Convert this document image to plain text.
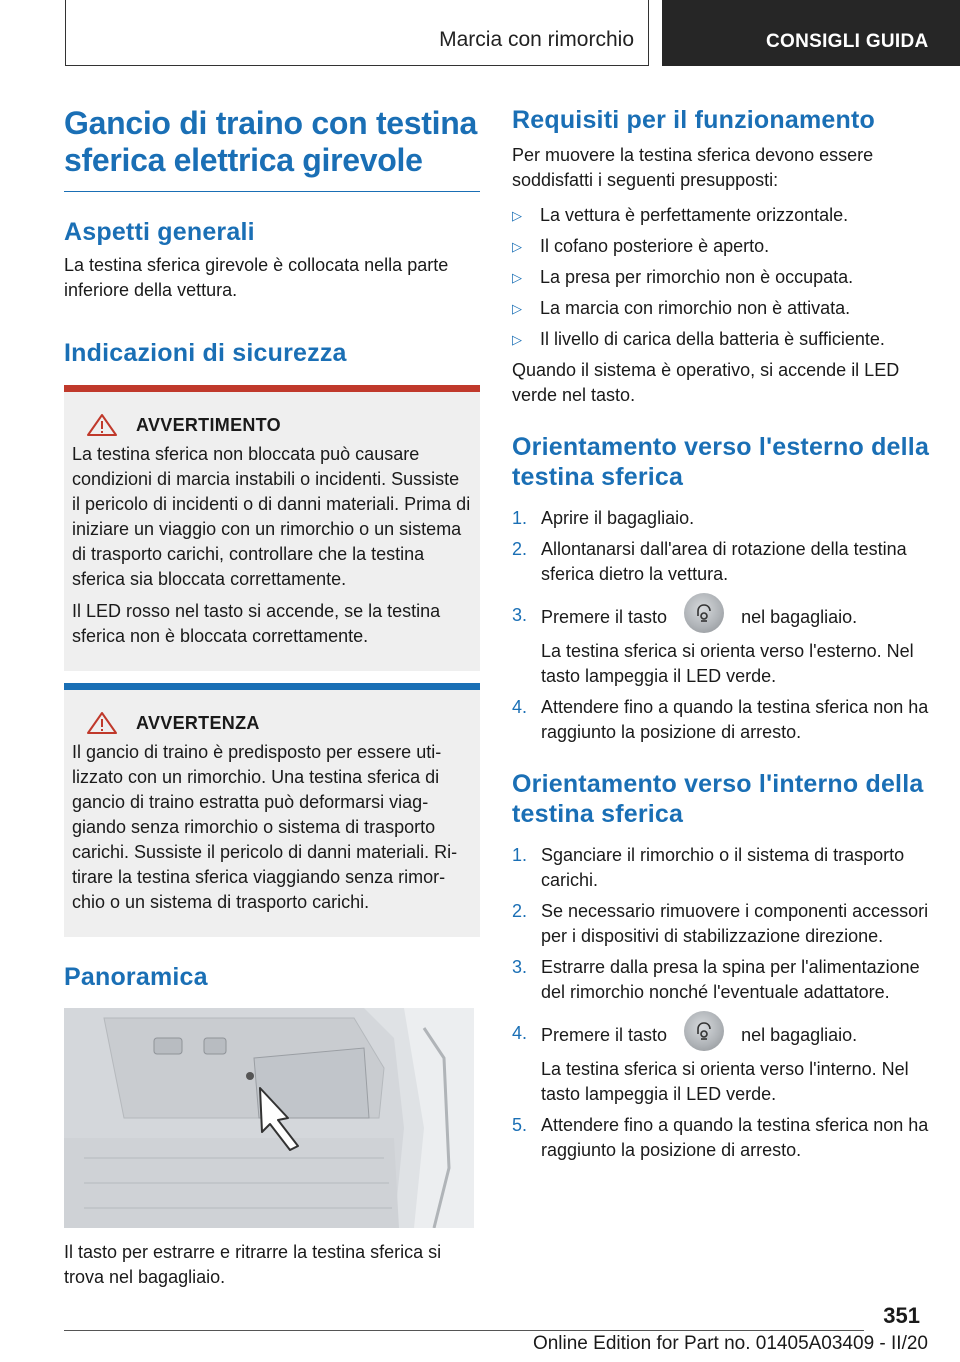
Marcia con rimorchio	CONSIGLI GUIDA
Gancio di traino con testina sferica elettrica girevole
Aspetti generali

La testina sferica girevole è collocata nella parte inferiore della vettura.

Indicazioni di sicurezza
AVVERTIMENTO

La testina sferica non bloccata può causare condizioni di marcia instabili o incidenti. Sussiste il pericolo di incidenti o di danni materiali. Prima di iniziare un viaggio con un rimorchio o un sistema di trasporto carichi, controllare che la testina sferica sia bloccata correttamente.

Il LED rosso nel tasto si accende, se la testina sferica non è bloccata correttamente.

AVVERTENZA

Il gancio di traino è predisposto per essere utilizzato con un rimorchio. Una testina sferica di gancio di traino estratta può deformarsi viaggiando senza rimorchio o sistema di trasporto carichi. Sussiste il pericolo di danni materiali. Ritirare la testina sferica viaggiando senza rimorchio o un sistema di trasporto carichi.

Panoramica

Il tasto per estrarre e ritrarre la testina sferica si trova nel bagagliaio.

Requisiti per il funzionamento

Per muovere la testina sferica devono essere soddisfatti i seguenti presupposti:

▷	La vettura è perfettamente orizzontale.
▷	Il cofano posteriore è aperto.
▷	La presa per rimorchio non è occupata.
▷	La marcia con rimorchio non è attivata.
▷	Il livello di carica della batteria è sufficiente.

Quando il sistema è operativo, si accende il LED verde nel tasto.

Orientamento verso l'esterno della testina sferica
1. Aprire il bagagliaio.
2. Allontanarsi dall'area di rotazione della testina sferica dietro la vettura.
3. Premere il tasto	nel bagagliaio.
La testina sferica si orienta verso l'esterno. Nel tasto lampeggia il LED verde.
4. Attendere fino a quando la testina sferica non ha raggiunto la posizione di arresto.
Orientamento verso l'interno della testina sferica
1. Sganciare il rimorchio o il sistema di trasporto carichi.
2. Se necessario rimuovere i componenti accessori per i dispositivi di stabilizzazione direzione.
3. Estrarre dalla presa la spina per l'alimentazione del rimorchio nonché l'eventuale adattatore.
4. Premere il tasto	nel bagagliaio.
La testina sferica si orienta verso l'interno. Nel tasto lampeggia il LED verde.
5. Attendere fino a quando la testina sferica non ha raggiunto la posizione di arresto.
351
Online Edition for Part no. 01405A03409 - II/20
